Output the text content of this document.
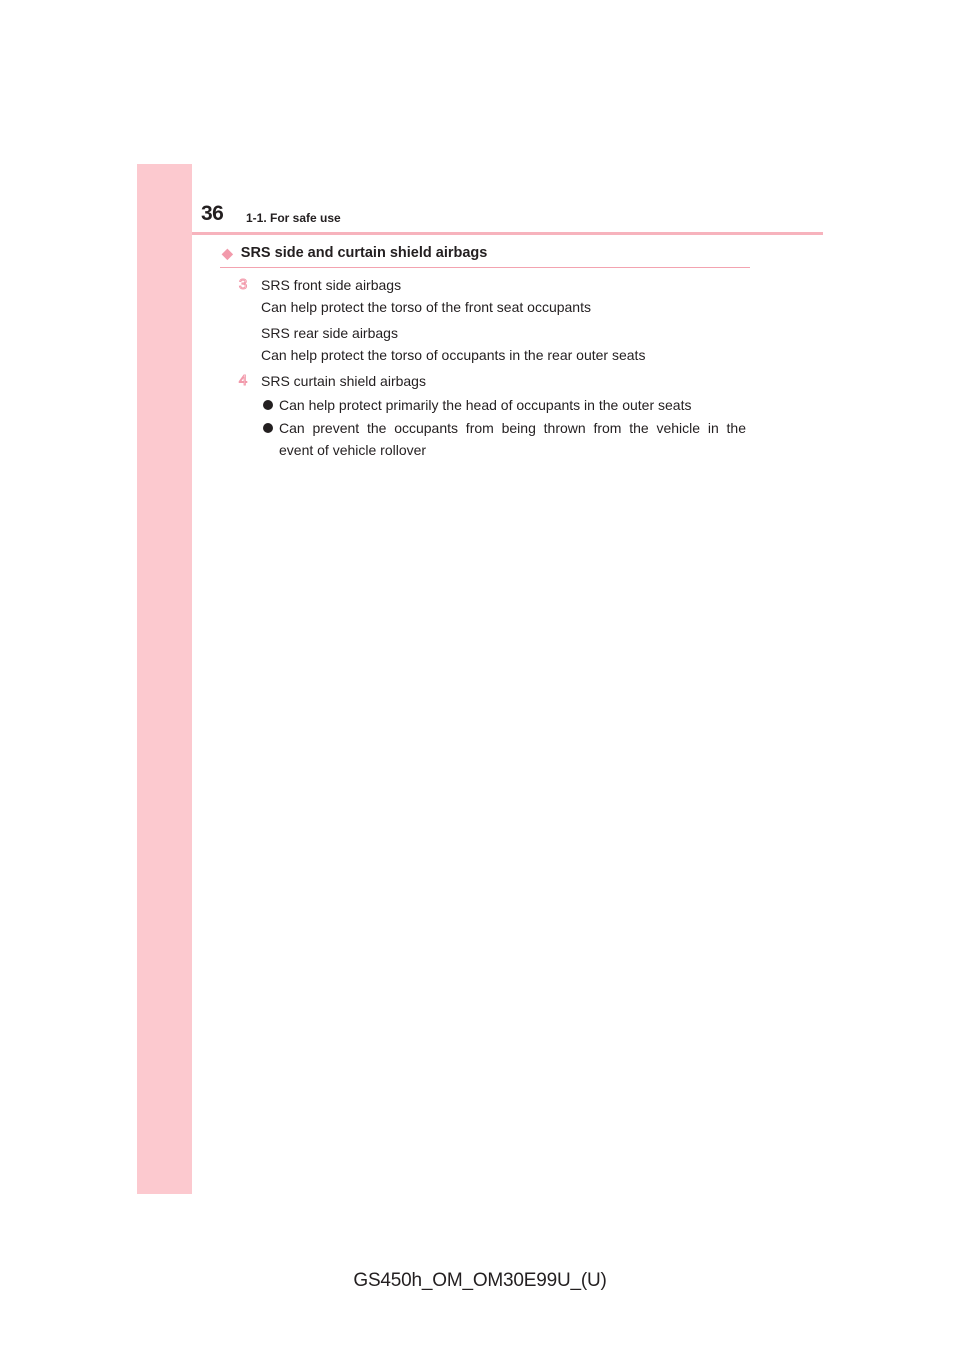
36 1-1. For safe use
◆ SRS side and curtain shield airbags
3 SRS front side airbags
Can help protect the torso of the front seat occupants
SRS rear side airbags
Can help protect the torso of occupants in the rear outer seats
4 SRS curtain shield airbags
Can help protect primarily the head of occupants in the outer seats
Can prevent the occupants from being thrown from the vehicle in the
event of vehicle rollover
GS450h_OM_OM30E99U_(U)
